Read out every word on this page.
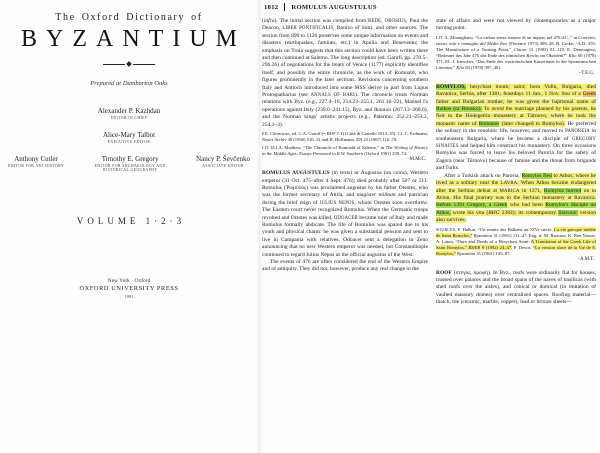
The Oxford Dictionary of
BYZANTIUM
Prepared at Dumbarton Oaks
Alexander P. Kazhdan
EDITOR IN CHIEF
Alice-Mary Talbot
EXECUTIVE EDITOR
Anthony Cutler
EDITOR FOR ART HISTORY
Timothy E. Gregory
EDITOR FOR ARCHAEOLOGY AND HISTORICAL GEOGRAPHY
Nancy P. Ševčenko
ASSOCIATE EDITOR
VOLUME 1·2·3
New York · Oxford
OXFORD UNIVERSITY PRESS
1991
1812 ROMULUS AUGUSTULUS

(infra). The initial section was compiled from BEDE, OROSIUS, Paul the Deacon, LIBER PONTIFICALIS, Bonizo of Sutri, and other sources. The section from 899 to 1126 preserves some unique information on events and disasters (earthquakes, famines, etc.) in Apulia and Benevento; the emphasis on Troia suggests that this section could have been written there and then continued at Salerno. The long description (ed. Garufi, pp. 270.5–296.26) of negotiations for the treaty of Venice (1177) explicitly identifies itself, and possibly the entire chronicle, as the work of Romuald, who figures prominently in the later sections. Revisions concerning southern Italy and Antioch introduced into some MSS derive in part from Lupus Protospatharius (see ANNALS OF BARI). The chronicle treats Norman relations with Byz. (e.g., 227.4–16, 254.23–255.1, 261.16–22), Manuel I's operations against Italy (239.6–241.15), Byz. and Ikonion (267.13–268.6), and the Norman kings' artistic projects (e.g., Palermo: 252.21–253.2, 254.1–3).

ED. Chronicon, ed. C.A. Garufi (= RIS² 7.1) (Città di Castello 1914–35). Cf. C. Erdmann, Neues Archiv 48 (1930) 510–12 and H. Hoffmann, DA 23 (1967) 116–70.

LIT. D.J.A. Matthew, “The Chronicle of Romuald of Salerno,” in The Writing of History in the Middle Ages: Essays Presented to R.W. Southern (Oxford 1981) 239–74.

–M.McC.

ROMULUS AUGUSTULUS (in texts) or Augustus (on coins), Western emperor (31 Oct. 475–after 4 Sept. 476); died probably after 507 or 511. Romulus (Ῥωμύλος) was proclaimed augustus by his father Orestes, who was the former secretary of Attila, and magister militum and patrician during the brief reign of JULIUS NEPOS, whom Orestes soon overthrew. The Eastern court never recognized Romulus. When the Germanic troops revolted and Orestes was killed, ODOACER became ruler of Italy and made Romulus formally abdicate. The life of Romulus was spared due to his youth and physical charm: he was given a substantial pension and sent to live in Campania with relatives. Odoacer sent a delegation to Zeno announcing that no new Western emperor was needed, but Constantinople continued to regard Julius Nepos as the official augustus of the West.

The events of 476 are often considered the end of the Western Empire and of antiquity. They did not, however, produce any real change in the

state of affairs and were not viewed by contemporaries as a major turning point.

LIT. A. Momigliano, “La caduta senza rumore di un impero nel 476 d.C.,” in Concetto, storia, miti e immagini del Medio Evo (Florence 1973) 409–28. B. Croke, “A.D. 476: The Manufacture of a Turning Point,” Chiron 13 (1983) 81–119. E. Demougeot, “Bedeutet das Jahr 476 das Ende des römischen Reichs im Okzident?” Klio 60 (1978) 371–81. J. Irmscher, “Das Ende des weströmischen Kaisertums in der byzantinischen Literatur,” Klio 60 (1978) 397–401.

–T.E.G.

ROMYLOS, hesychast monk; saint; born Vidin, Bulgaria, died Ravanica, Serbia, after 1381; feastdays 11 Jan., 1 Nov. Son of a Greek father and Bulgarian mother, he was given the baptismal name of Raikos (or Rousko). To avoid the marriage planned by his parents, he fled to the Hodegetria monastery at Tŭrnovo, where he took the monastic name of Romanos (later changed to Romylos). He preferred the solitary to the cenobitic life, however, and moved to PAROREIA in southeastern Bulgaria, where he became a disciple of GREGORY SINAITES and helped him construct his monastery. On three occasions Romylos was forced to leave his beloved Paroria for the safety of Zagora (near Tŭrnovo) because of famine and the threat from brigands and Turks.

After a Turkish attack on Paroria, Romylos fled to Athos, where he lived as a solitary near the LAVRA. When Athos became endangered after the Serbian defeat at MARICA in 1371, Romylos moved on to Avlon. His final journey was to the Serbian monastery at Ravanica. Before 1391 Gregory, a Greek who had been Romylos's disciple on Athos, wrote his vita (BHG 2384); its contemporary Slavonic version also survives.

SOURCES. F. Halkin, “Un ermite des Balkans au XIVe siècle. La vie grecque inédite de Saint Romylos,” Byzantion 31 (1961) 111–47. Eng. tr. M. Bartusis, K. Ben Nasser, A. Laiou, “Days and Deeds of a Hesychast Saint: A Translation of the Greek Life of Saint Romylos,” BS/EB 9 (1982) 24–47. P. Devos, “La version slave de la Vie de S. Romylos,” Byzantion 31 (1961) 149–87.

–A.M.T.

ROOF (στέγος, ὀροφή). In Byz., roofs were ordinarily flat for houses, trussed over palaces and the broad spans of the naves of basilicas (with shed roofs over the aisles), and conical or domical (in imitation of vaulted masonry domes) over centralized spaces. Roofing material—thatch, tile (ceramic, marble, copper), lead or bronze sheets—
